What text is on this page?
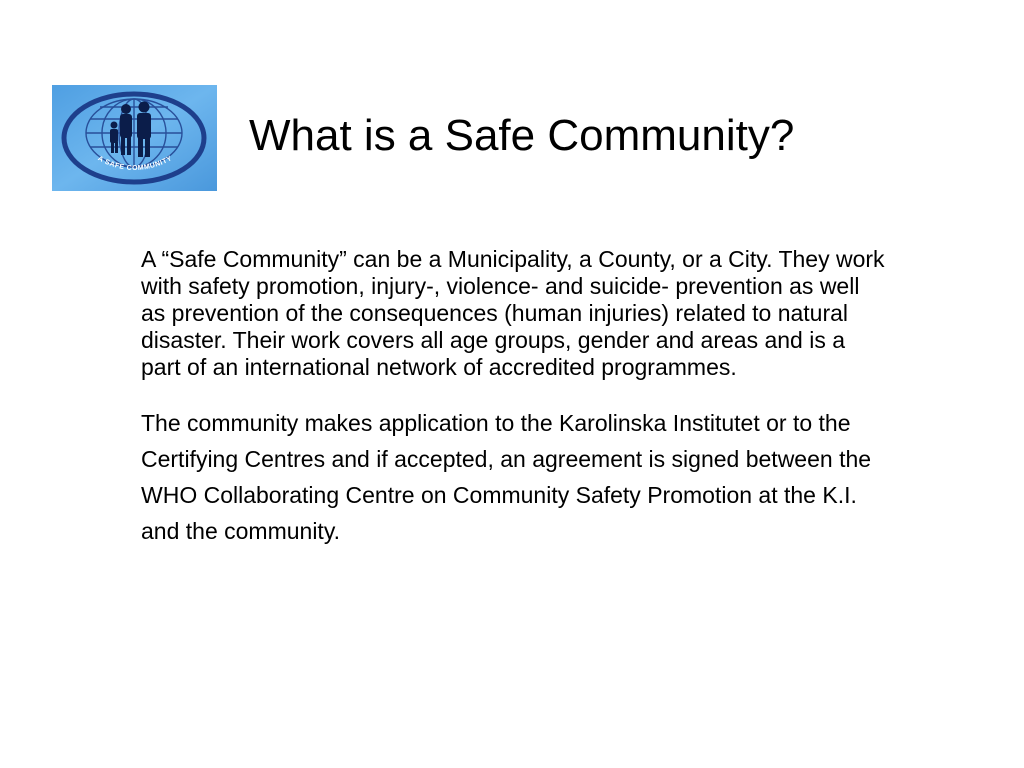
A SAFE COMMUNITY What is a Safe Community?

A “Safe Community” can be a Municipality, a County, or a City. They work with safety promotion, injury-, violence- and suicide- prevention as well as prevention of the consequences (human injuries) related to natural disaster. Their work covers all age groups, gender and areas and is a part of an international network of accredited programmes.

The community makes application to the Karolinska Institutet or to the Certifying Centres and if accepted, an agreement is signed between the WHO Collaborating Centre on Community Safety Promotion at the K.I. and the community.
